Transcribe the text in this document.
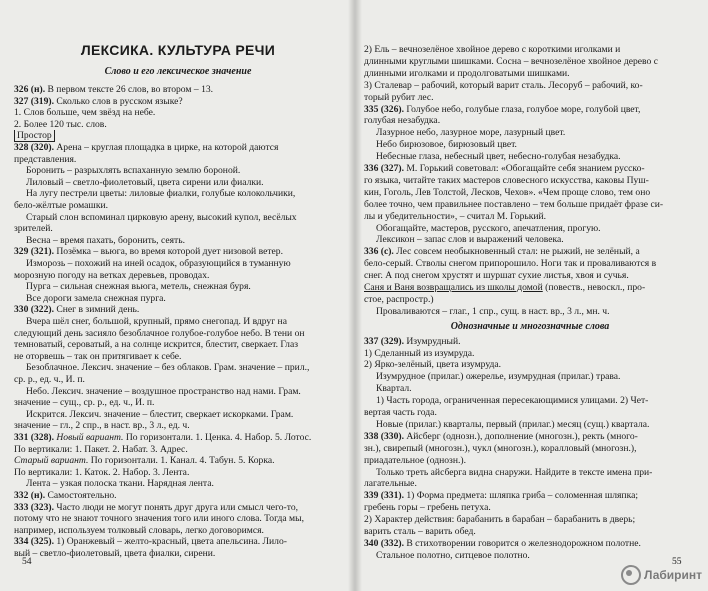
ЛЕКСИКА. КУЛЬТУРА РЕЧИ
Слово и его лексическое значение
326 (н). В первом тексте 26 слов, во втором – 13.
327 (319). Сколько слов в русском языке?
1. Слов больше, чем звёзд на небе.
2. Более 120 тыс. слов.
Простор
328 (320). Арена – круглая площадка в цирке, на которой даются
представления.
Боронить – разрыхлять вспаханную землю бороной.
Лиловый – светло-фиолетовый, цвета сирени или фиалки.
На лугу пестрели цветы: лиловые фиалки, голубые колокольчики,
бело-жёлтые ромашки.
Старый слон вспоминал цирковую арену, высокий купол, весёлых
зрителей.
Весна – время пахать, боронить, сеять.
329 (321). Позёмка – вьюга, во время которой дует низовой ветер.
Изморозь – похожий на иней осадок, образующийся в туманную
морозную погоду на ветках деревьев, проводах.
Пурга – сильная снежная вьюга, метель, снежная буря.
Все дороги замела снежная пурга.
330 (322). Снег в зимний день.
Вчера шёл снег, большой, крупный, прямо снегопад. И вдруг на
следующий день засияло безоблачное голубое-голубое небо. В тени он
темноватый, сероватый, а на солнце искрится, блестит, сверкает. Глаз
не оторвешь – так он притягивает к себе.
Безоблачное. Лексич. значение – без облаков. Грам. значение – прил.,
ср. р., ед. ч., И. п.
Небо. Лексич. значение – воздушное пространство над нами. Грам.
значение – сущ., ср. р., ед. ч., И. п.
Искрится. Лексич. значение – блестит, сверкает искорками. Грам.
значение – гл., 2 спр., в наст. вр., 3 л., ед. ч.
331 (328). Новый вариант. По горизонтали. 1. Ценка. 4. Набор. 5. Лотос.
По вертикали: 1. Пакет. 2. Набат. 3. Адрес.
Старый вариант. По горизонтали. 1. Канал. 4. Табун. 5. Корка.
По вертикали: 1. Каток. 2. Набор. 3. Лента.
Лента – узкая полоска ткани. Нарядная лента.
332 (н). Самостоятельно.
333 (323). Часто люди не могут понять друг друга или смысл чего-то,
потому что не знают точного значения того или иного слова. Тогда мы,
например, используем толковый словарь, легко договоримся.
334 (325). 1) Оранжевый – желто-красный, цвета апельсина. Лило-
вый – светло-фиолетовый, цвета фиалки, сирени.
54
2) Ель – вечнозелёное хвойное дерево с короткими иголками и
длинными круглыми шишками. Сосна – вечнозелёное хвойное дерево с
длинными иголками и продолговатыми шишками.
3) Сталевар – рабочий, который варит сталь. Лесоруб – рабочий, ко-
торый рубит лес.
335 (326). Голубое небо, голубые глаза, голубое море, голубой цвет,
голубая незабудка.
Лазурное небо, лазурное море, лазурный цвет.
Небо бирюзовое, бирюзовый цвет.
Небесные глаза, небесный цвет, небесно-голубая незабудка.
336 (327). М. Горький советовал: «Обогащайте себя знанием русско-
го языка, читайте таких мастеров словесного искусства, каковы Пуш-
кин, Гоголь, Лев Толстой, Лесков, Чехов». «Чем проще слово, тем оно
более точно, чем правильнее поставлено – тем больше придаёт фразе си-
лы и убедительности», – считал М. Горький.
Обогащайте, мастеров, русского, апечатления, прогую.
Лексикон – запас слов и выражений человека.
336 (с). Лес совсем необыкновенный стал: не рыжий, не зелёный, а
бело-серый. Стволы снегом припорошило. Ноги так и проваливаются в
снег. А под снегом хрустят и шуршат сухие листья, хвоя и сучья.
Саня и Ваня возвращались из школы домой (повеств., невоскл., про-
стое, распростр.)
Проваливаются – глаг., 1 спр., сущ. в наст. вр., 3 л., мн. ч.
Однозначные и многозначные слова
337 (329). Изумрудный.
1) Сделанный из изумруда.
2) Ярко-зелёный, цвета изумруда.
Изумрудное (прилаг.) ожерелье, изумрудная (прилаг.) трава.
Квартал.
1) Часть города, ограниченная пересекающимися улицами. 2) Чет-
вертая часть года.
Новые (прилаг.) кварталы, первый (прилаг.) месяц (сущ.) квартала.
338 (330). Айсберг (однозн.), дополнение (многозн.), ректь (много-
зн.), свирепый (многозн.), чукл (многозн.), коралловый (многозн.),
приадательное (однозн.).
Только треть айсберга видна снаружи. Найдите в тексте имена при-
лагательные.
339 (331). 1) Форма предмета: шляпка гриба – соломенная шляпка;
гребень горы – гребень петуха.
2) Характер действия: барабанить в барабан – барабанить в дверь;
варить сталь – варить обед.
340 (332). В стихотворении говорится о железнодорожном полотне.
Стальное полотно, ситцевое полотно.
55
Лабиринт
